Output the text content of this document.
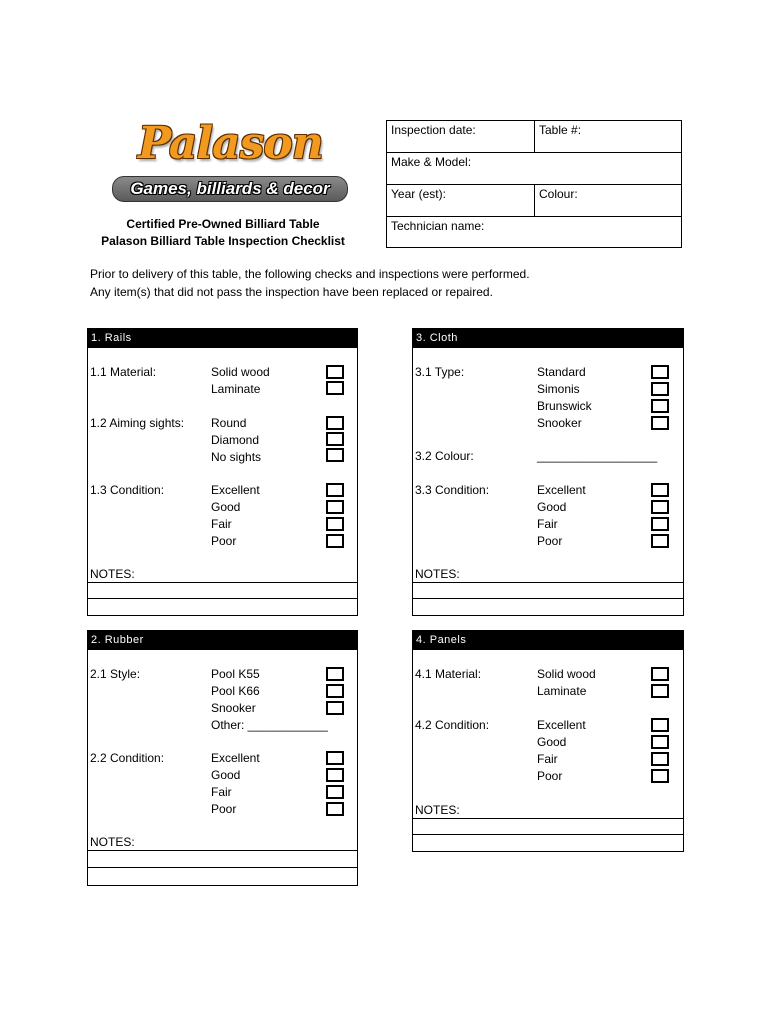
Palason
Games, billiards & decor
Certified Pre-Owned Billiard Table
Palason Billiard Table Inspection Checklist
Inspection date:	Table #:
Make & Model:
Year (est):	Colour:
Technician name:
Prior to delivery of this table, the following checks and inspections were performed.
Any item(s) that did not pass the inspection have been replaced or repaired.
1. Rails
1.1 Material:	Solid wood
Laminate
1.2 Aiming sights: Round
Diamond
No sights
1.3 Condition:	Excellent
Good
Fair
Poor
NOTES:
3. Cloth
3.1 Type:	Standard
Simonis
Brunswick
Snooker
3.2 Colour:	__________________
3.3 Condition:	Excellent
Good
Fair
Poor
NOTES:
2. Rubber
2.1 Style:	Pool K55
Pool K66
Snooker
Other: ____________
2.2 Condition:	Excellent
Good
Fair
Poor
NOTES:
4. Panels
4.1 Material:	Solid wood
Laminate
4.2 Condition:	Excellent
Good
Fair
Poor
NOTES:
